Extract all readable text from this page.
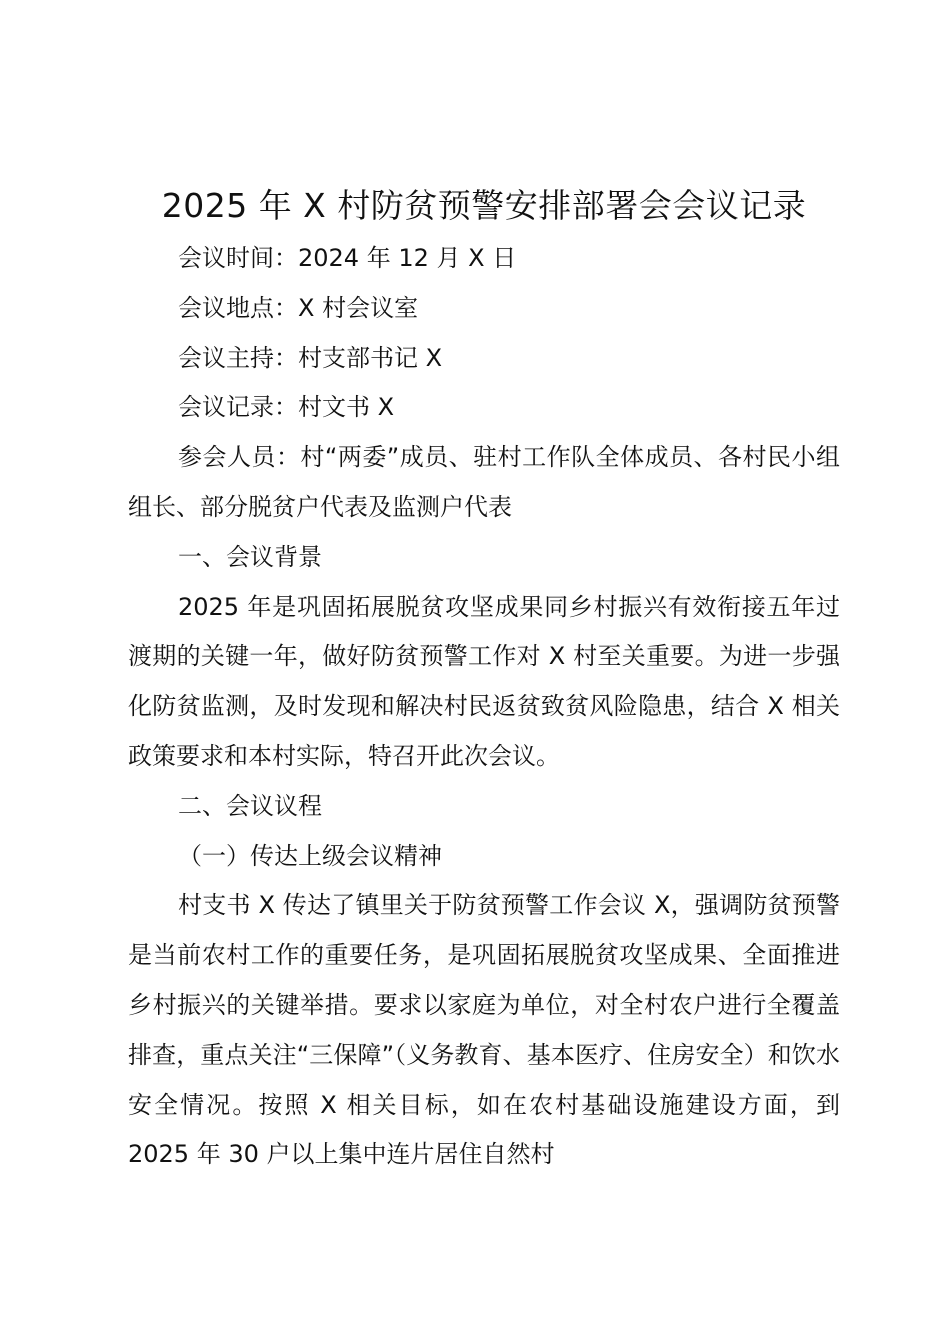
2025 年 X 村防贫预警安排部署会会议记录

会议时间：2024 年 12 月 X 日

会议地点：X 村会议室

会议主持：村支部书记 X

会议记录：村文书 X

参会人员：村“两委”成员、驻村工作队全体成员、各村民小组组长、部分脱贫户代表及监测户代表

一、会议背景

2025 年是巩固拓展脱贫攻坚成果同乡村振兴有效衔接五年过渡期的关键一年，做好防贫预警工作对 X 村至关重要。为进一步强化防贫监测，及时发现和解决村民返贫致贫风险隐患，结合 X 相关政策要求和本村实际，特召开此次会议。

二、会议议程

（一）传达上级会议精神

村支书 X 传达了镇里关于防贫预警工作会议 X，强调防贫预警是当前农村工作的重要任务，是巩固拓展脱贫攻坚成果、全面推进乡村振兴的关键举措。要求以家庭为单位，对全村农户进行全覆盖排查，重点关注“三保障”（义务教育、基本医疗、住房安全）和饮水安全情况。按照 X 相关目标，如在农村基础设施建设方面，到 2025 年 30 户以上集中连片居住自然村
